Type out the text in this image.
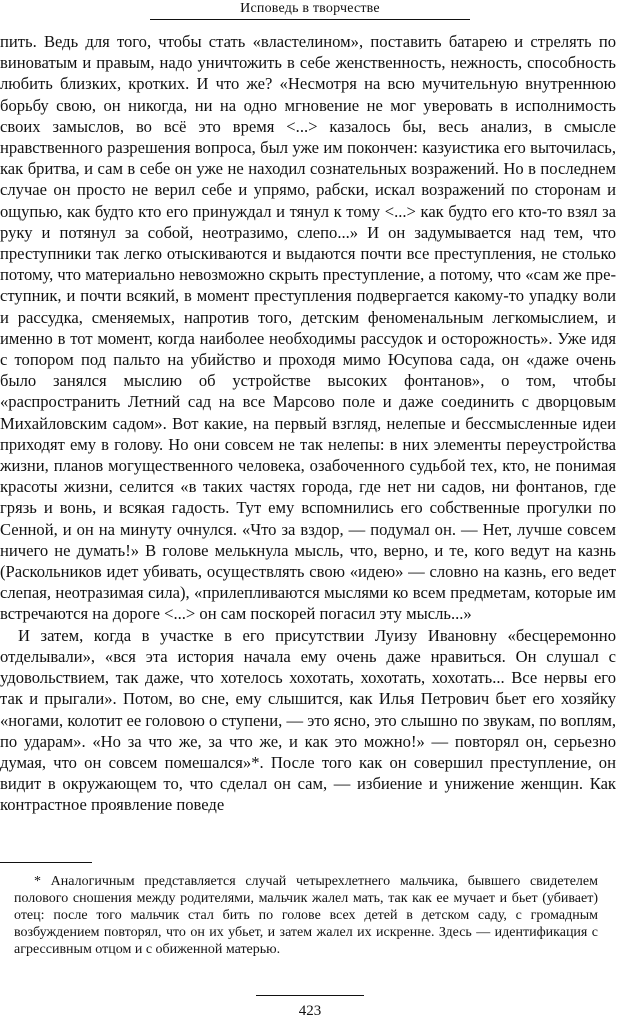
Исповедь в творчестве

пить. Ведь для того, чтобы стать «властелином», поставить батарею и стрелять по виноватым и правым, надо уничтожить в себе женственность, нежность, способность любить близких, кротких. И что же? «Несмотря на всю мучительную внутреннюю борьбу свою, он никогда, ни на одно мгновение не мог уверовать в исполнимость своих замыслов, во всё это время <...> казалось бы, весь анализ, в смысле нравственного разрешения вопроса, был уже им покончен: казуистика его выточилась, как бритва, и сам в себе он уже не находил сознательных возражений. Но в последнем случае он просто не верил себе и упрямо, рабски, искал возражений по сторонам и ощупью, как будто кто его принуждал и тянул к тому <...> как будто его кто-то взял за руку и потянул за собой, неотразимо, слепо...» И он задумывается над тем, что преступники так легко отыскиваются и выдаются почти все преступления, не столько потому, что материально невозможно скрыть преступление, а потому, что «сам же преступник, и почти всякий, в момент преступления подвергается какому-то упадку воли и рассудка, сменяемых, напротив того, детским феноменальным легкомыслием, и именно в тот момент, когда наиболее необходимы рассудок и осторожность». Уже идя с топором под пальто на убийство и проходя мимо Юсупова сада, он «даже очень было занялся мыслию об устройстве высоких фонтанов», о том, чтобы «распространить Летний сад на все Марсово поле и даже соединить с дворцовым Михайловским садом». Вот какие, на первый взгляд, нелепые и бессмысленные идеи приходят ему в голову. Но они совсем не так нелепы: в них элементы переустройства жизни, планов могущественного человека, озабоченного судьбой тех, кто, не понимая красоты жизни, селится «в таких частях города, где нет ни садов, ни фонтанов, где грязь и вонь, и всякая гадость. Тут ему вспомнились его собственные прогулки по Сенной, и он на минуту очнулся. «Что за вздор, — подумал он. — Нет, лучше совсем ничего не думать!» В голове мелькнула мысль, что, верно, и те, кого ведут на казнь (Раскольников идет убивать, осуществлять свою «идею» — словно на казнь, его ведет слепая, неотразимая сила), «прилепливаются мыслями ко всем предметам, которые им встречаются на дороге <...> он сам поскорей погасил эту мысль...»

И затем, когда в участке в его присутствии Луизу Ивановну «бесцеремонно отделывали», «вся эта история начала ему очень даже нравиться. Он слушал с удовольствием, так даже, что хотелось хохотать, хохотать, хохотать... Все нервы его так и прыгали». Потом, во сне, ему слышится, как Илья Петрович бьет его хозяйку «ногами, колотит ее головою о ступени, — это ясно, это слышно по звукам, по воплям, по ударам». «Но за что же, за что же, и как это можно!» — повторял он, серьезно думая, что он совсем помешался»*. После того как он совершил преступление, он видит в окружающем то, что сделал он сам, — избиение и унижение женщин. Как контрастное проявление поведе

* Аналогичным представляется случай четырехлетнего мальчика, бывшего свидетелем полового сношения между родителями, мальчик жалел мать, так как ее мучает и бьет (убивает) отец: после того мальчик стал бить по голове всех детей в детском саду, с громадным возбуждением повторял, что он их убьет, и затем жалел их искренне. Здесь — идентификация с агрессивным отцом и с обиженной матерью.

423
